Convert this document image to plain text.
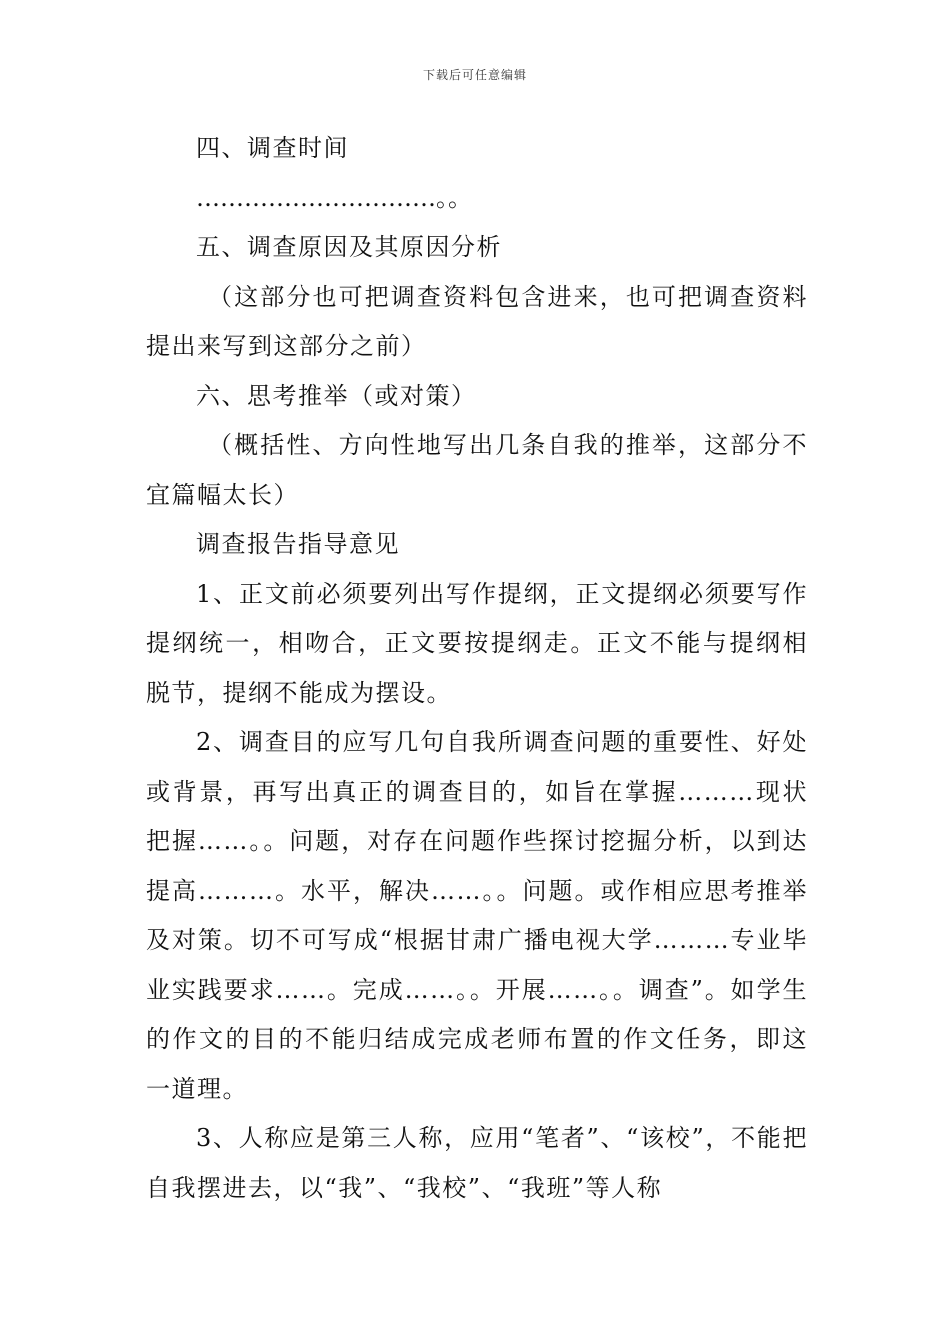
下载后可任意编辑

四、调查时间

…………………………。。

五、调查原因及其原因分析

（这部分也可把调查资料包含进来，也可把调查资料提出来写到这部分之前）

六、思考推举（或对策）

（概括性、方向性地写出几条自我的推举，这部分不宜篇幅太长）

调查报告指导意见

1、正文前必须要列出写作提纲，正文提纲必须要写作提纲统一，相吻合，正文要按提纲走。正文不能与提纲相脱节，提纲不能成为摆设。

2、调查目的应写几句自我所调查问题的重要性、好处或背景，再写出真正的调查目的，如旨在掌握………现状把握……。。问题，对存在问题作些探讨挖掘分析，以到达提高………。水平，解决……。。问题。或作相应思考推举及对策。切不可写成“根据甘肃广播电视大学………专业毕业实践要求……。完成……。。开展……。。调查”。如学生的作文的目的不能归结成完成老师布置的作文任务，即这一道理。

3、人称应是第三人称，应用“笔者”、“该校”，不能把自我摆进去，以“我”、“我校”、“我班”等人称
